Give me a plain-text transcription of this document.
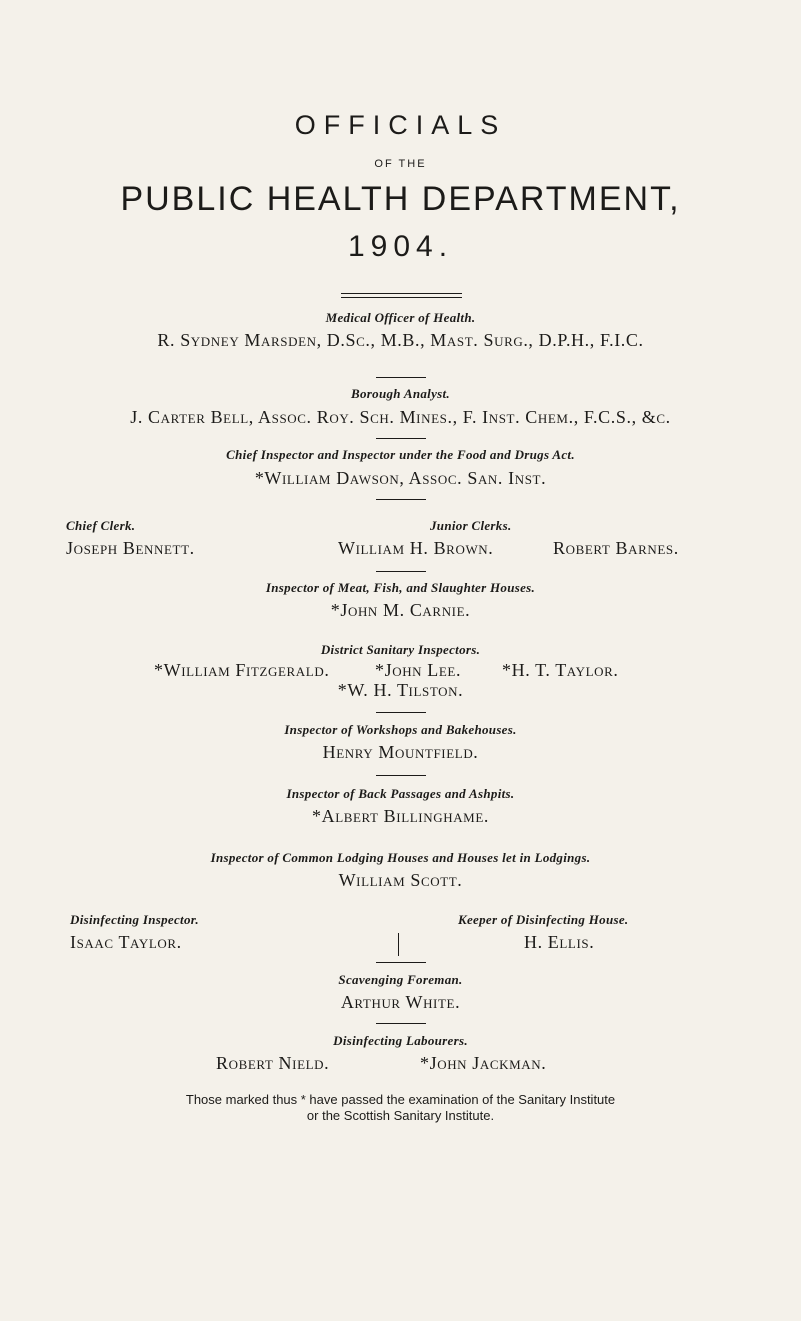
OFFICIALS
OF THE
PUBLIC HEALTH DEPARTMENT,
1904.
Medical Officer of Health.
R. Sydney Marsden, D.Sc., M.B., Mast. Surg., D.P.H., F.I.C.
Borough Analyst.
J. Carter Bell, Assoc. Roy. Sch. Mines., F. Inst. Chem., F.C.S., &c.
Chief Inspector and Inspector under the Food and Drugs Act.
*William Dawson, Assoc. San. Inst.
Chief Clerk.
Joseph Bennett.
Junior Clerks.
William H. Brown.	Robert Barnes.
Inspector of Meat, Fish, and Slaughter Houses.
*John M. Carnie.
District Sanitary Inspectors.
*William Fitzgerald.	*John Lee. *H. T. Taylor.
*W. H. Tilston.
Inspector of Workshops and Bakehouses.
Henry Mountfield.
Inspector of Back Passages and Ashpits.
*Albert Billinghame.
Inspector of Common Lodging Houses and Houses let in Lodgings.
William Scott.
Disinfecting Inspector.
Isaac Taylor.
Keeper of Disinfecting House.
H. Ellis.
Scavenging Foreman.
Arthur White.
Disinfecting Labourers.
Robert Nield.	*John Jackman.
Those marked thus * have passed the examination of the Sanitary Institute
or the Scottish Sanitary Institute.
